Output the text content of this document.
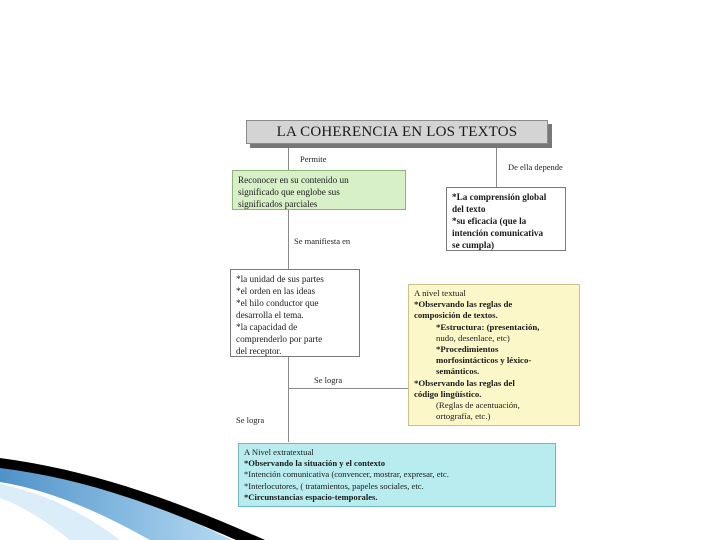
LA COHERENCIA EN LOS TEXTOS
Permite
De ella depende
Se manifiesta en
Se logra
Se logra
Reconocer en su contenido un
significado que englobe sus
significados parciales
*La comprensión global
del texto
*su eficacia (que la
intención comunicativa
se cumpla)
*la unidad de sus partes
*el orden en las ideas
*el hilo conductor que
desarrolla el tema.
*la capacidad de
comprenderlo por parte
del receptor.
A nivel textual
*Observando las reglas de
composición de textos.
*Estructura: (presentación,
nudo, desenlace, etc)
*Procedimientos
morfosintácticos y léxico-
semánticos.
*Observando las reglas del
código lingüístico.
(Reglas de acentuación,
ortografía, etc.)
A Nivel extratextual
*Observando la situación y el contexto
*Intención comunicativa (convencer, mostrar, expresar, etc.
*Interlocutores, ( tratamientos, papeles sociales, etc.
*Circunstancias espacio-temporales.
